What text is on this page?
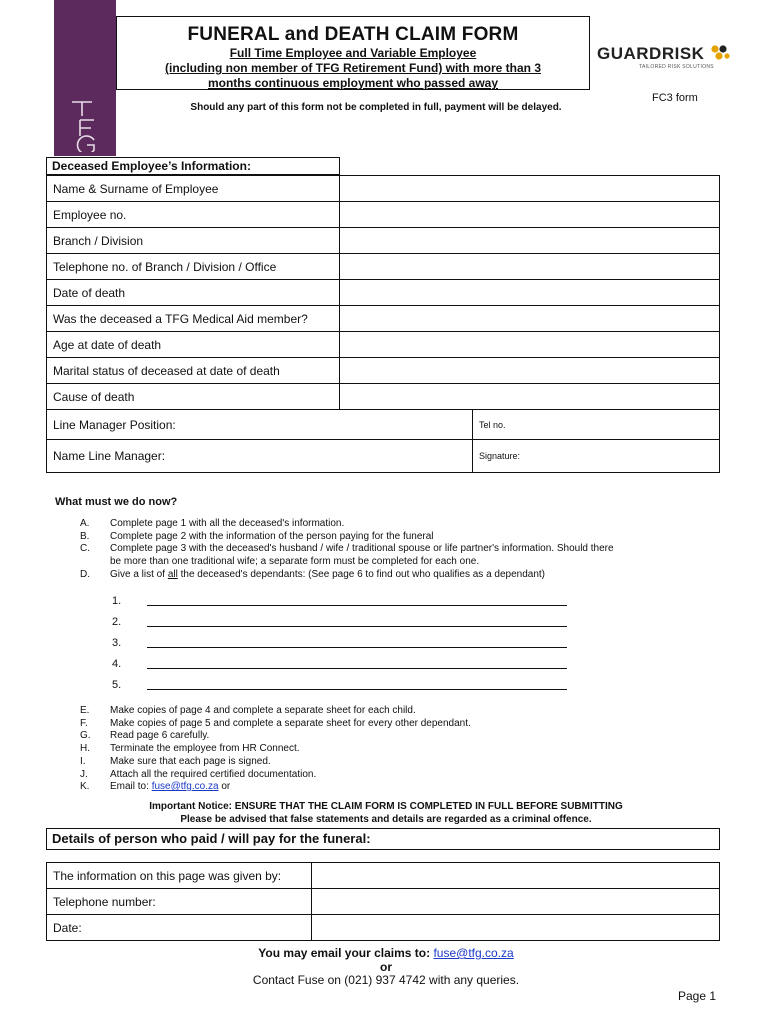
FUNERAL and DEATH CLAIM FORM
Full Time Employee and Variable Employee
(including non member of TFG Retirement Fund) with more than 3
months continuous employment who passed away
GUARDRISK
TAILORED RISK SOLUTIONS
FC3 form
Should any part of this form not be completed in full, payment will be delayed.
Deceased Employee’s Information:
Name & Surname of Employee		
Employee no.		
Branch / Division		
Telephone no. of Branch / Division / Office		
Date of death		
Was the deceased a TFG Medical Aid member?		
Age at date of death		
Marital status of deceased at date of death		
Cause of death		
Line Manager Position:		Tel no.
Name Line Manager:		Signature:
What must we do now?
A.	Complete page 1 with all the deceased's information.
B.	Complete page 2 with the information of the person paying for the funeral
C.	Complete page 3 with the deceased's husband / wife / traditional spouse or life partner's information. Should there
be more than one traditional wife; a separate form must be completed for each one.
D.	Give a list of all the deceased's dependants: (See page 6 to find out who qualifies as a dependant)
1.
2.
3.
4.
5.
E.	Make copies of page 4 and complete a separate sheet for each child.
F.	Make copies of page 5 and complete a separate sheet for every other dependant.
G.	Read page 6 carefully.
H.	Terminate the employee from HR Connect.
I.	Make sure that each page is signed.
J.	Attach all the required certified documentation.
K.	Email to: fuse@tfg.co.za or
Important Notice: ENSURE THAT THE CLAIM FORM IS COMPLETED IN FULL BEFORE SUBMITTING
Please be advised that false statements and details are regarded as a criminal offence.
Details of person who paid / will pay for the funeral:
The information on this page was given by:	
Telephone number:	
Date:	
You may email your claims to: fuse@tfg.co.za
or
Contact Fuse on (021) 937 4742 with any queries.
Page 1
